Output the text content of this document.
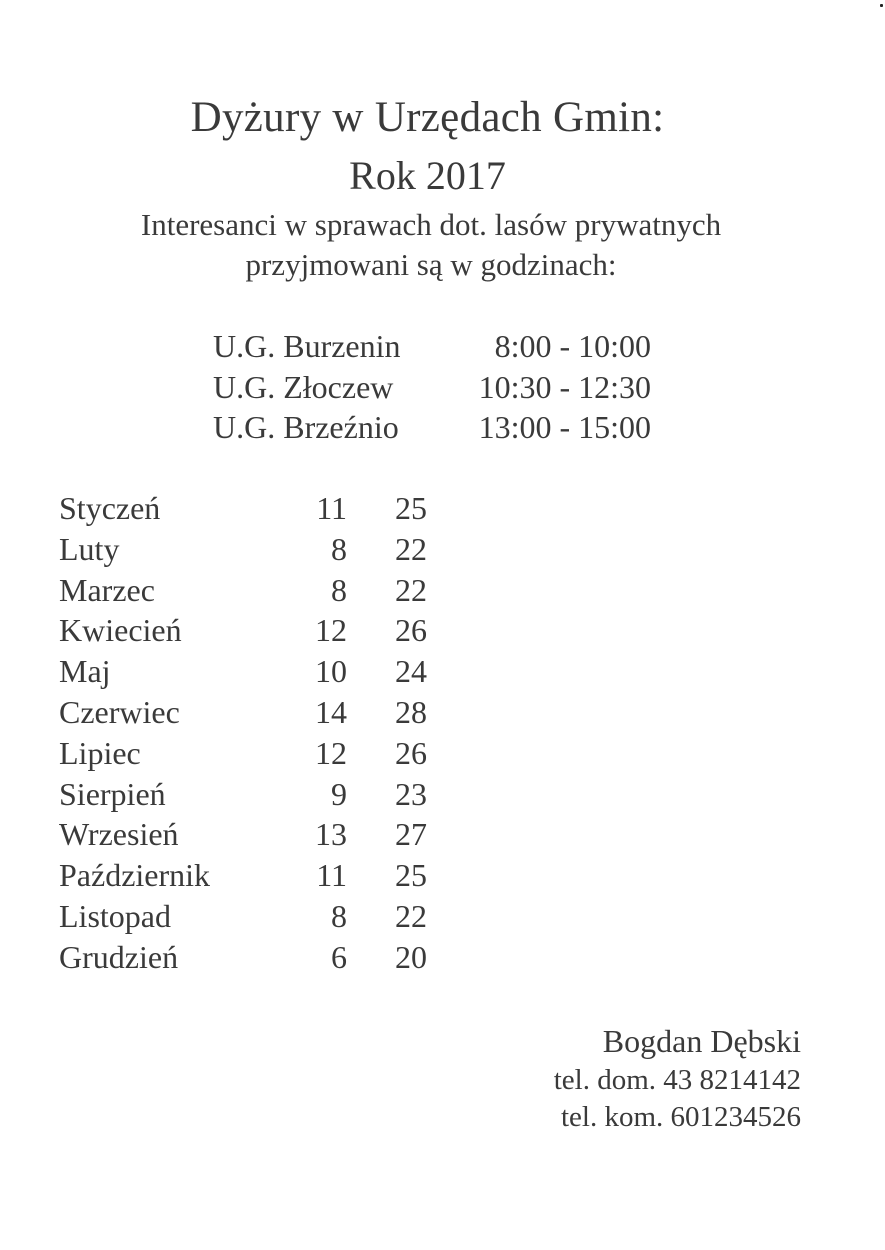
Dyżury w Urzędach Gmin:
Rok 2017
Interesanci w sprawach dot. lasów prywatnych
przyjmowani są w godzinach:
U.G. Burzenin	8:00 - 10:00
U.G. Złoczew	10:30 - 12:30
U.G. Brzeźnio	13:00 - 15:00
Styczeń	11	25
Luty	8	22
Marzec	8	22
Kwiecień	12	26
Maj	10	24
Czerwiec	14	28
Lipiec	12	26
Sierpień	9	23
Wrzesień	13	27
Październik	11	25
Listopad	8	22
Grudzień	6	20
Bogdan Dębski
tel. dom. 43 8214142
tel. kom. 601234526
